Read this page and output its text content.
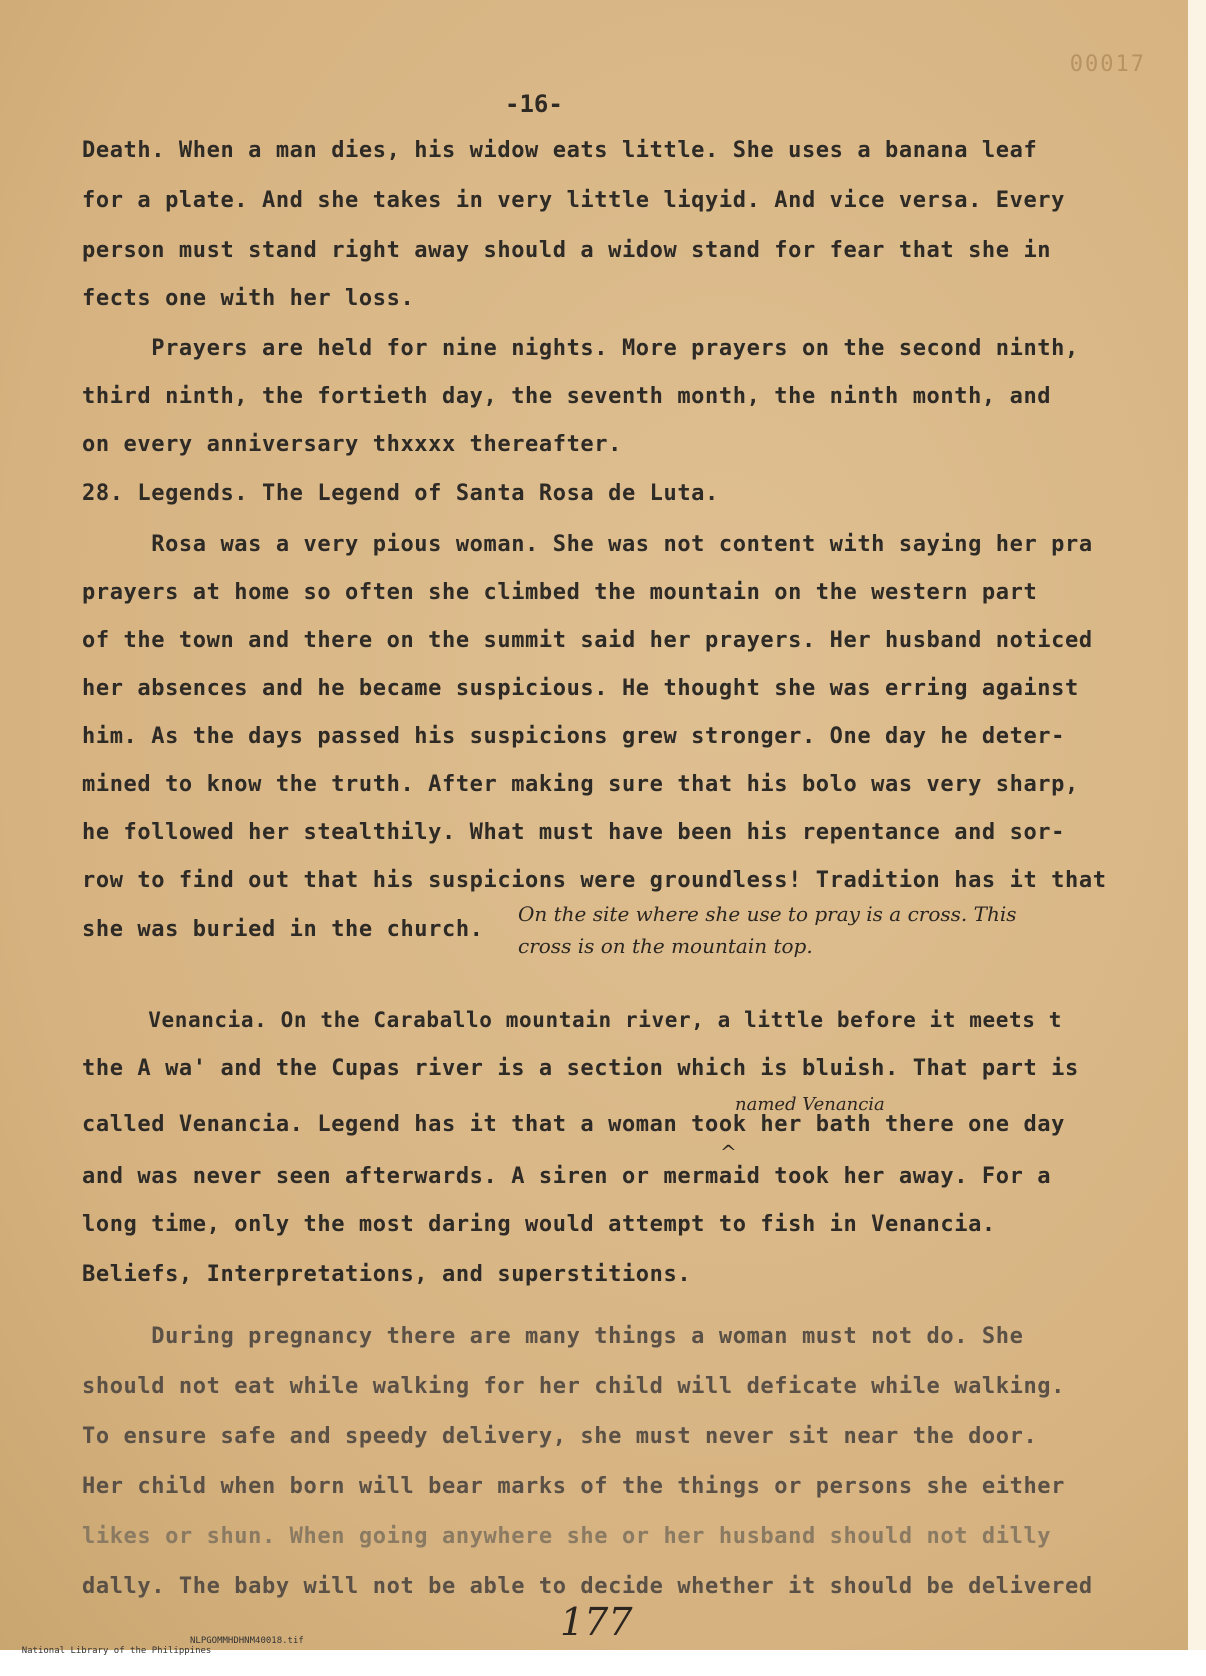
00017
-16-
Death. When a man dies, his widow eats little. She uses a banana leaf
for a plate. And she takes in very little liqyid. And vice versa. Every
person must stand right away should a widow stand for fear that she in
fects one with her loss.
Prayers are held for nine nights. More prayers on the second ninth,
third ninth, the fortieth day, the seventh month, the ninth month, and
on every anniversary thxxxx thereafter.
28. Legends. The Legend of Santa Rosa de Luta.
Rosa was a very pious woman. She was not content with saying her pra
prayers at home so often she climbed the mountain on the western part
of the town and there on the summit said her prayers. Her husband noticed
her absences and he became suspicious. He thought she was erring against
him. As the days passed his suspicions grew stronger. One day he deter-
mined to know the truth. After making sure that his bolo was very sharp,
he followed her stealthily. What must have been his repentance and sor-
row to find out that his suspicions were groundless! Tradition has it that
she was buried in the church.
On the site where she use to pray is a cross. This
cross is on the mountain top.
Venancia. On the Caraballo mountain river, a little before it meets t
the A wa' and the Cupas river is a section which is bluish. That part is
named Venancia
called Venancia. Legend has it that a woman took her bath there one day
^
and was never seen afterwards. A siren or mermaid took her away. For a
long time, only the most daring would attempt to fish in Venancia.
Beliefs, Interpretations, and superstitions.
During pregnancy there are many things a woman must not do. She
should not eat while walking for her child will deficate while walking.
To ensure safe and speedy delivery, she must never sit near the door.
Her child when born will bear marks of the things or persons she either
likes or shun. When going anywhere she or her husband should not dilly
dally. The baby will not be able to decide whether it should be delivered
177

National Library of the Philippines

NLPGOMMHDHNM40018.tif
